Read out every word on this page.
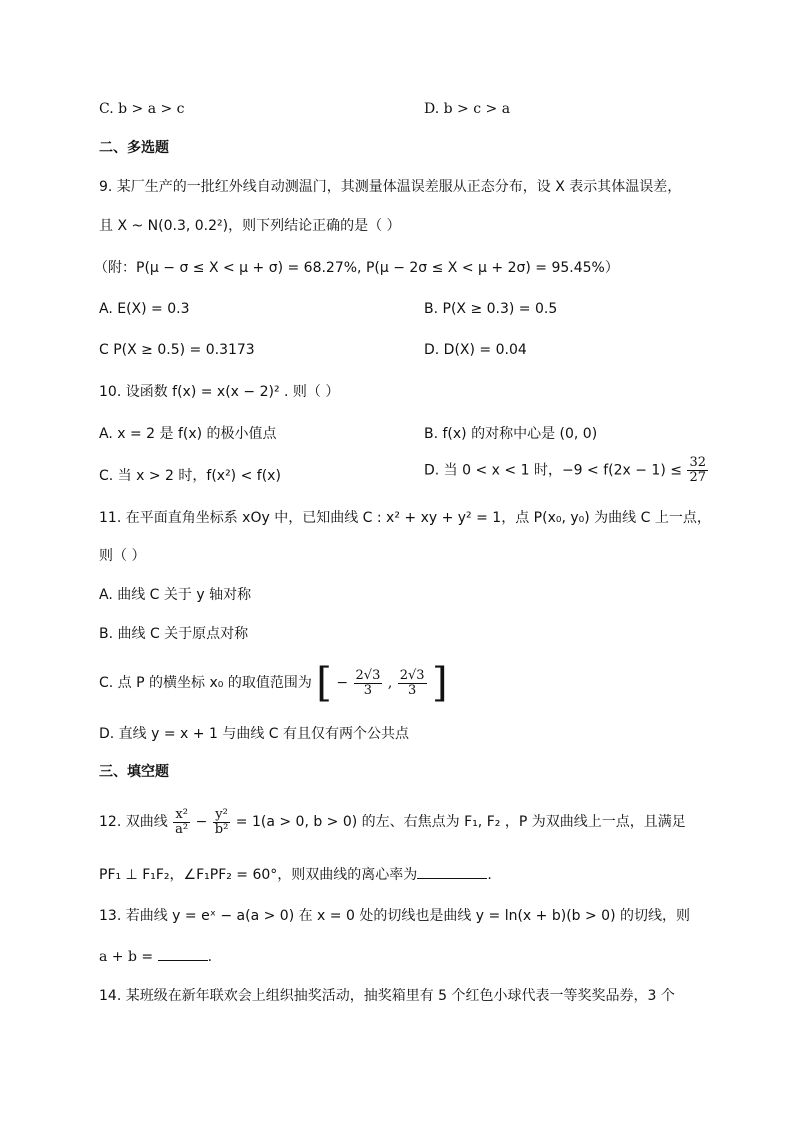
C. b > a > c	D. b > c > a
二、多选题
9. 某厂生产的一批红外线自动测温门，其测量体温误差服从正态分布，设 X 表示其体温误差，
且 X ~ N(0.3, 0.2²)，则下列结论正确的是（ ）
（附：P(μ − σ ≤ X < μ + σ) = 68.27%, P(μ − 2σ ≤ X < μ + 2σ) = 95.45%）
A. E(X) = 0.3	B. P(X ≥ 0.3) = 0.5
C P(X ≥ 0.5) = 0.3173	D. D(X) = 0.04
10. 设函数 f(x) = x(x − 2)² . 则（ ）
A. x = 2 是 f(x) 的极小值点	B. f(x) 的对称中心是 (0, 0)
C. 当 x > 2 时，f(x²) < f(x)	D. 当 0 < x < 1 时，$-9 < f(2x - 1) \le \frac{32}{27}$
11. 在平面直角坐标系 xOy 中，已知曲线 C : x² + xy + y² = 1，点 P(x₀, y₀) 为曲线 C 上一点，
则（ ）
A. 曲线 C 关于 y 轴对称
B. 曲线 C 关于原点对称
C. 点 P 的横坐标 x₀ 的取值范围为 [ − $\frac{2√3}{3}$ , $\frac{2√3}{3}$ ]
D. 直线 y = x + 1 与曲线 C 有且仅有两个公共点
三、填空题
12. 双曲线 $\frac{\text{x²}}{\text{a²}} - \frac{\text{y²}}{\text{b²}} = 1(a > 0$, b > 0) 的左、右焦点为 F₁, F₂ ，P 为双曲线上一点，且满足
PF₁ ⊥ F₁F₂，∠F₁PF₂ = 60°，则双曲线的离心率为	.
13. 若曲线 y = eˣ − a(a > 0) 在 x = 0 处的切线也是曲线 y = ln(x + b)(b > 0) 的切线，则
a + b =	.
14. 某班级在新年联欢会上组织抽奖活动，抽奖箱里有 5 个红色小球代表一等奖奖品券，3 个
